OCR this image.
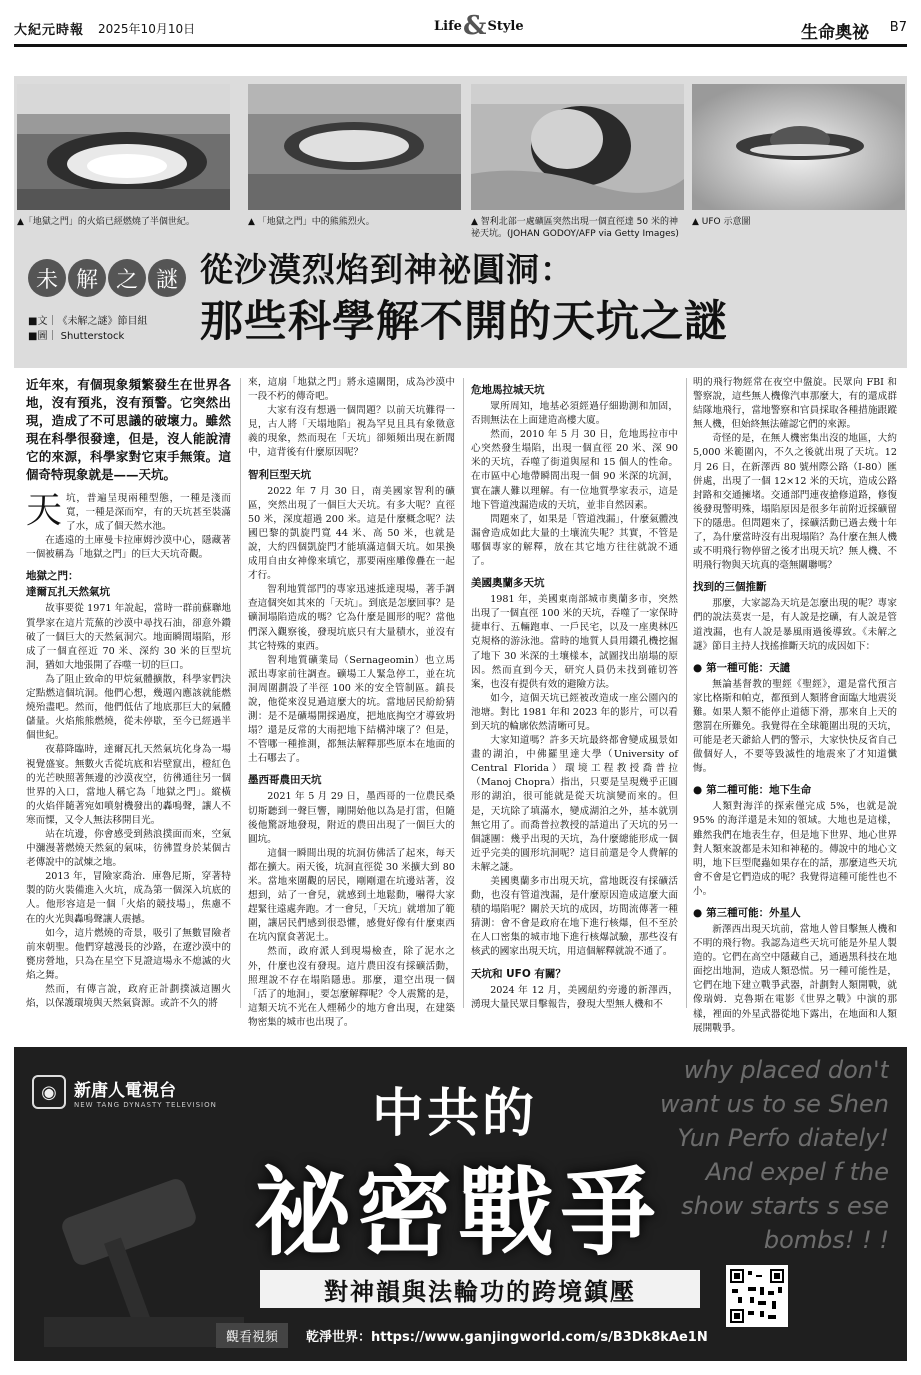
大紀元時報 2025年10月10日	Life & Style	生命奧祕 B7
▲「地獄之門」的火焰已經燃燒了半個世紀。	▲ 「地獄之門」中的熊熊烈火。	▲ 智利北部一處礦區突然出現一個直徑達 50 米的神祕天坑。(JOHAN GODOY/AFP via Getty Images)
▲ UFO 示意圖
未 解 之 謎
■文｜《未解之謎》節目組
■圖｜ Shutterstock
從沙漠烈焰到神祕圓洞：
那些科學解不開的天坑之謎

近年來，有個現象頻繁發生在世界各地，沒有預兆，沒有預警。它突然出現，造成了不可思議的破壞力。雖然現在科學很發達，但是，沒人能說清它的來源，科學家對它束手無策。這個奇特現象就是——天坑。

天坑，普遍呈現兩種型態，一種是淺而寬，一種是深而窄，有的天坑甚至裝滿了水，成了個天然水池。

在遙遠的土庫曼卡拉庫姆沙漠中心，隱藏著一個被稱為「地獄之門」的巨大天坑奇觀。

地獄之門：
達爾瓦扎天然氣坑

故事要從 1971 年說起，當時一群前蘇聯地質學家在這片荒蕪的沙漠中尋找石油，卻意外鑽破了一個巨大的天然氣洞穴。地面瞬間塌陷，形成了一個直徑近 70 米、深約 30 米的巨型坑洞，猶如大地張開了吞噬一切的巨口。

為了阻止致命的甲烷氣體擴散，科學家們決定點燃這個坑洞。他們心想，幾週內應該就能燃燒殆盡吧。然而，他們低估了地底那巨大的氣體儲量。火焰熊熊燃燒，從未停歇，至今已經過半個世紀。

夜幕降臨時，達爾瓦扎天然氣坑化身為一場視覺盛宴。無數火舌從坑底和岩壁竄出，橙紅色的光芒映照著無邊的沙漠夜空，彷彿通往另一個世界的入口，當地人稱它為「地獄之門」。縱橫的火焰伴隨著宛如噴射機發出的轟鳴聲，讓人不寒而慄，又令人無法移開目光。

站在坑邊，你會感受到熱浪撲面而來，空氣中瀰漫著燃燒天然氣的氣味，彷彿置身於某個古老傳說中的試煉之地。

2013 年，冒險家喬治．庫魯尼斯，穿著特製的防火裝備進入火坑，成為第一個深入坑底的人。他形容這是一個「火焰的競技場」，焦慮不在的火光與轟鳴聲讓人震撼。

如今，這片燃燒的奇景，吸引了無數冒險者前來朝聖。他們穿越漫長的沙路，在遼沙漠中的甕房營地，只為在星空下見證這場永不熄滅的火焰之舞。

然而，有傳言說，政府正計劃撲滅這團火焰，以保護環境與天然氣資源。或許不久的將

來，這扇「地獄之門」將永遠關閉，成為沙漠中一段不朽的傳奇吧。

大家有沒有想過一個問題？以前天坑難得一見，古人將「天塌地陷」視為罕見且具有象徵意義的現象，然而現在「天坑」卻頻頻出現在新聞中，這背後有什麼原因呢？

智利巨型天坑

2022 年 7 月 30 日，南美國家智利的礦區，突然出現了一個巨大天坑。有多大呢？直徑 50 米，深度超過 200 米。這是什麼概念呢？法國巴黎的凱旋門寬 44 米、高 50 米，也就是說，大約四個凱旋門才能填滿這個天坑。如果換成用自由女神像來填它，那要兩座雕像疊在一起才行。

智利地質部門的專家迅速抵達現場，著手調查這個突如其來的「天坑」。到底是怎麼回事？是礦洞塌陷造成的嗎？它為什麼是圓形的呢？當他們深入觀察後，發現坑底只有大量積水，並沒有其它特殊的東西。

智利地質礦業局（Sernageomin）也立馬派出專家前往調查。礦場工人緊急停工，並在坑洞周圍劃設了半徑 100 米的安全管制區。鎮長說，他從來沒見過這麼大的坑。當地居民紛紛猜測：是不是礦場開採過度，把地底掏空才導致坍塌？還是反常的大雨把地下結構沖壞了？但是，不管哪一種推測，都無法解釋那些原本在地面的土石哪去了。

墨西哥農田天坑

2021 年 5 月 29 日，墨西哥的一位農民桑切斯聽到一聲巨響，剛開始他以為是打雷，但隨後他驚訝地發現，附近的農田出現了一個巨大的圓坑。

這個一瞬間出現的坑洞仿佛活了起來，每天都在擴大。兩天後，坑洞直徑從 30 米擴大到 80 米。當地來圍觀的居民，剛剛還在坑邊站著，沒想到，站了一會兒，就感到土地鬆動，嚇得大家趕緊往遠處奔跑。才一會兒，「天坑」就增加了範圍，讓居民們感到很恐懼，感覺好像有什麼東西在坑內竄食著泥土。

然而，政府派人到現場檢查，除了泥水之外，什麼也沒有發現。這片農田沒有採礦活動，照理說不存在塌陷隱患。那麼，還空出現一個「活了的地洞」，要怎麼解釋呢？令人震驚的是，這類天坑不光在人煙稀少的地方會出現，在建築物密集的城市也出現了。

危地馬拉城天坑

眾所周知，地基必須經過仔細勘測和加固，否則無法在上面建造高樓大廈。

然而，2010 年 5 月 30 日，危地馬拉市中心突然發生塌陷，出現一個直徑 20 米、深 90 米的天坑，吞噬了街道與屋和 15 個人的性命。在市區中心地帶瞬間出現一個 90 米深的坑洞，實在讓人難以理解。有一位地質學家表示，這是地下管道洩漏造成的天坑，並非自然因素。

問題來了，如果是「管道洩漏」，什麼氣體洩漏會造成如此大量的土壤流失呢？其實，不管是哪個專家的解釋，放在其它地方往往就說不通了。

美國奧蘭多天坑

1981 年，美國東南部城市奧蘭多市，突然出現了一個直徑 100 米的天坑，吞噬了一家保時捷車行、五輛跑車、一戶民宅，以及一座奧林匹克規格的游泳池。當時的地質人員用鑽孔機挖掘了地下 30 米深的土壤樣本，試圖找出崩塌的原因。然而直到今天，研究人員仍未找到確切答案，也沒有提供有效的避險方法。

如今，這個天坑已經被改造成一座公園內的池塘。對比 1981 年和 2023 年的影片，可以看到天坑的輪廓依然清晰可見。

大家知道嗎？許多天坑最終都會變成風景如畫的湖泊，中佛羅里達大學（University of Central Florida）環境工程教授喬普拉（Manoj Chopra）指出，只要是呈現幾乎正圓形的湖泊，很可能就是從天坑演變而來的。但是，天坑除了填滿水，變成湖泊之外，基本就別無它用了。而喬普拉教授的話道出了天坑的另一個謎團：幾乎出現的天坑，為什麼總能形成一個近乎完美的圓形坑洞呢？這目前還是令人費解的未解之謎。

美國奧蘭多市出現天坑，當地既沒有採礦活動，也沒有管道洩漏，是什麼原因造成這麼大面積的塌陷呢？關於天坑的成因，坊間流傳著一種猜測：會不會是政府在地下進行核爆，但不至於在人口密集的城市地下進行核爆試驗，那些沒有核武的國家出現天坑，用這個解釋就說不通了。

天坑和 UFO 有關？

2024 年 12 月，美國紐約旁邊的新澤西，湧現大量民眾目擊報告，發現大型無人機和不

明的飛行物經常在夜空中盤旋。民眾向 FBI 和警察說，這些無人機像汽車那麼大，有的還成群結隊地飛行，當地警察和官員採取各種措施跟蹤無人機，但始終無法確認它們的來源。

奇怪的是，在無人機密集出沒的地區，大約 5,000 米範圍內，不久之後就出現了天坑。12 月 26 日，在新澤西 80 號州際公路（I-80）匯併處，出現了一個 12×12 米的天坑，造成公路封路和交通擁堵。交通部門連夜搶修道路，修復後發現警明殊，塌陷原因是很多年前附近採礦留下的隱患。但問題來了，採礦活動已過去幾十年了，為什麼當時沒有出現塌陷？為什麼在無人機或不明飛行物停留之後才出現天坑？無人機、不明飛行物與天坑真的毫無關聯嗎？

找到的三個推斷

那麼，大家認為天坑是怎麼出現的呢？專家們的說法莫衷一是，有人說是挖礦，有人說是管道洩漏，也有人說是暴風雨過後導致。《未解之謎》節目主持人找搖推斷天坑的成因如下：

● 第一種可能：天譴

無論基督教的聖經《聖經》，還是當代預言家比格斯和帕克，都預到人類將會面臨大地震災難。如果人類不能停止道德下滑，那來自上天的懲罰在所難免。我覺得在全球範圍出現的天坑，可能是老天爺給人們的警示，大家快快反省自己做個好人，不要等毀滅性的地震來了才知道懺悔。

● 第二種可能：地下生命

人類對海洋的探索僅完成 5%，也就是說 95% 的海洋還是未知的領域。大地也是這樣，雖然我們在地表生存，但是地下世界、地心世界對人類來說都是未知和神秘的。傳說中的地心文明，地下巨型爬蟲如果存在的話，那麼這些天坑會不會是它們造成的呢？我覺得這種可能性也不小。

● 第三種可能：外星人

新澤西出現天坑前，當地人曾目擊無人機和不明的飛行物。我認為這些天坑可能是外星人製造的。它們在高空中隱藏自己，通過黑科技在地面挖出地洞，造成人類恐慌。另一種可能性是，它們在地下建立戰爭武器，計劃對人類開戰，就像瑞姆．克魯斯在電影《世界之戰》中演的那樣，裡面的外星武器從地下露出，在地面和人類展開戰爭。

why placed don't want us to se Shen Yun Perfo diately! And expel f the show starts s ese bombs! ! !
◉	新唐人電視台
NEW TANG DYNASTY TELEVISION	中共的
祕密戰爭
對神韻與法輪功的跨境鎮壓
觀看視頻	乾淨世界：https://www.ganjingworld.com/s/B3Dk8kAe1N
